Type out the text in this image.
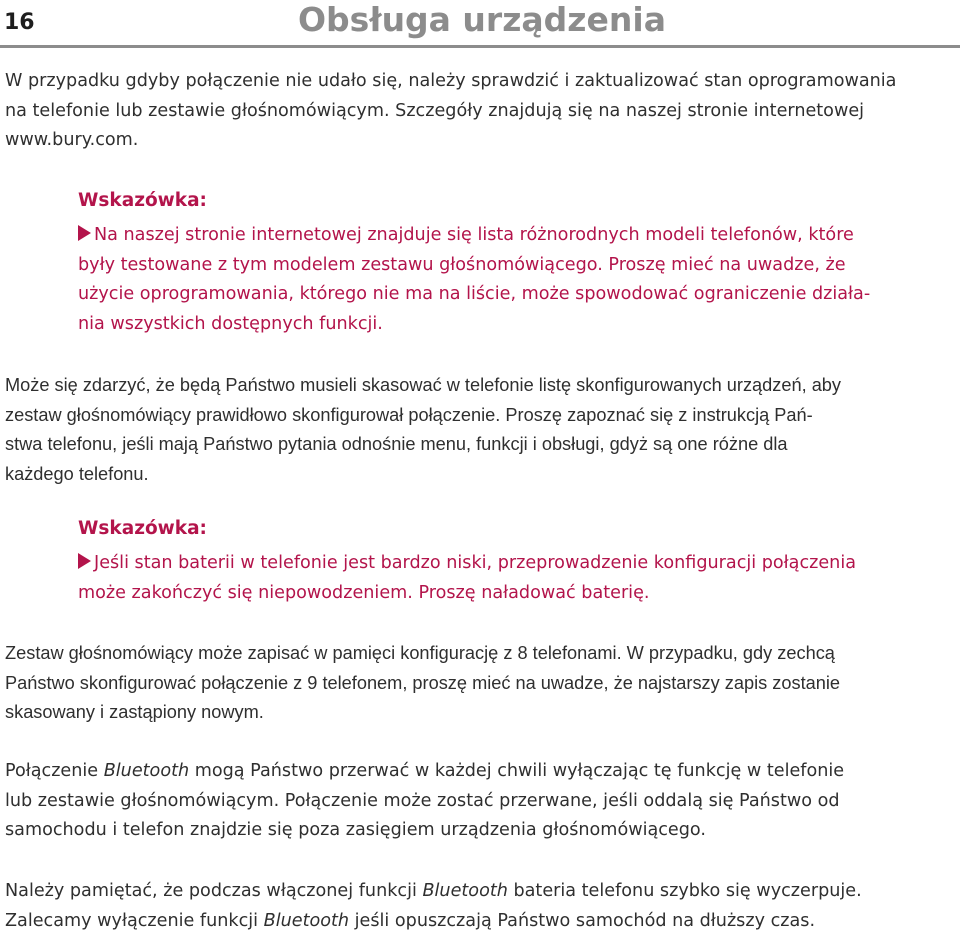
16	Obsługa urządzenia
W przypadku gdyby połączenie nie udało się, należy sprawdzić i zaktualizować stan oprogramowania
na telefonie lub zestawie głośnomówiącym. Szczegóły znajdują się na naszej stronie internetowej
www.bury.com.
Wskazówka:
Na naszej stronie internetowej znajduje się lista różnorodnych modeli telefonów, które
były testowane z tym modelem zestawu głośnomówiącego. Proszę mieć na uwadze, że
użycie oprogramowania, którego nie ma na liście, może spowodować ograniczenie działa-
nia wszystkich dostępnych funkcji.
Może się zdarzyć, że będą Państwo musieli skasować w telefonie listę skonfigurowanych urządzeń, aby
zestaw głośnomówiący prawidłowo skonfigurował połączenie. Proszę zapoznać się z instrukcją Pań-
stwa telefonu, jeśli mają Państwo pytania odnośnie menu, funkcji i obsługi, gdyż są one różne dla
każdego telefonu.
Wskazówka:
Jeśli stan baterii w telefonie jest bardzo niski, przeprowadzenie konfiguracji połączenia
może zakończyć się niepowodzeniem. Proszę naładować baterię.
Zestaw głośnomówiący może zapisać w pamięci konfigurację z 8 telefonami. W przypadku, gdy zechcą
Państwo skonfigurować połączenie z 9 telefonem, proszę mieć na uwadze, że najstarszy zapis zostanie
skasowany i zastąpiony nowym.
Połączenie Bluetooth mogą Państwo przerwać w każdej chwili wyłączając tę funkcję w telefonie
lub zestawie głośnomówiącym. Połączenie może zostać przerwane, jeśli oddalą się Państwo od
samochodu i telefon znajdzie się poza zasięgiem urządzenia głośnomówiącego.
Należy pamiętać, że podczas włączonej funkcji Bluetooth bateria telefonu szybko się wyczerpuje.
Zalecamy wyłączenie funkcji Bluetooth jeśli opuszczają Państwo samochód na dłuższy czas.
